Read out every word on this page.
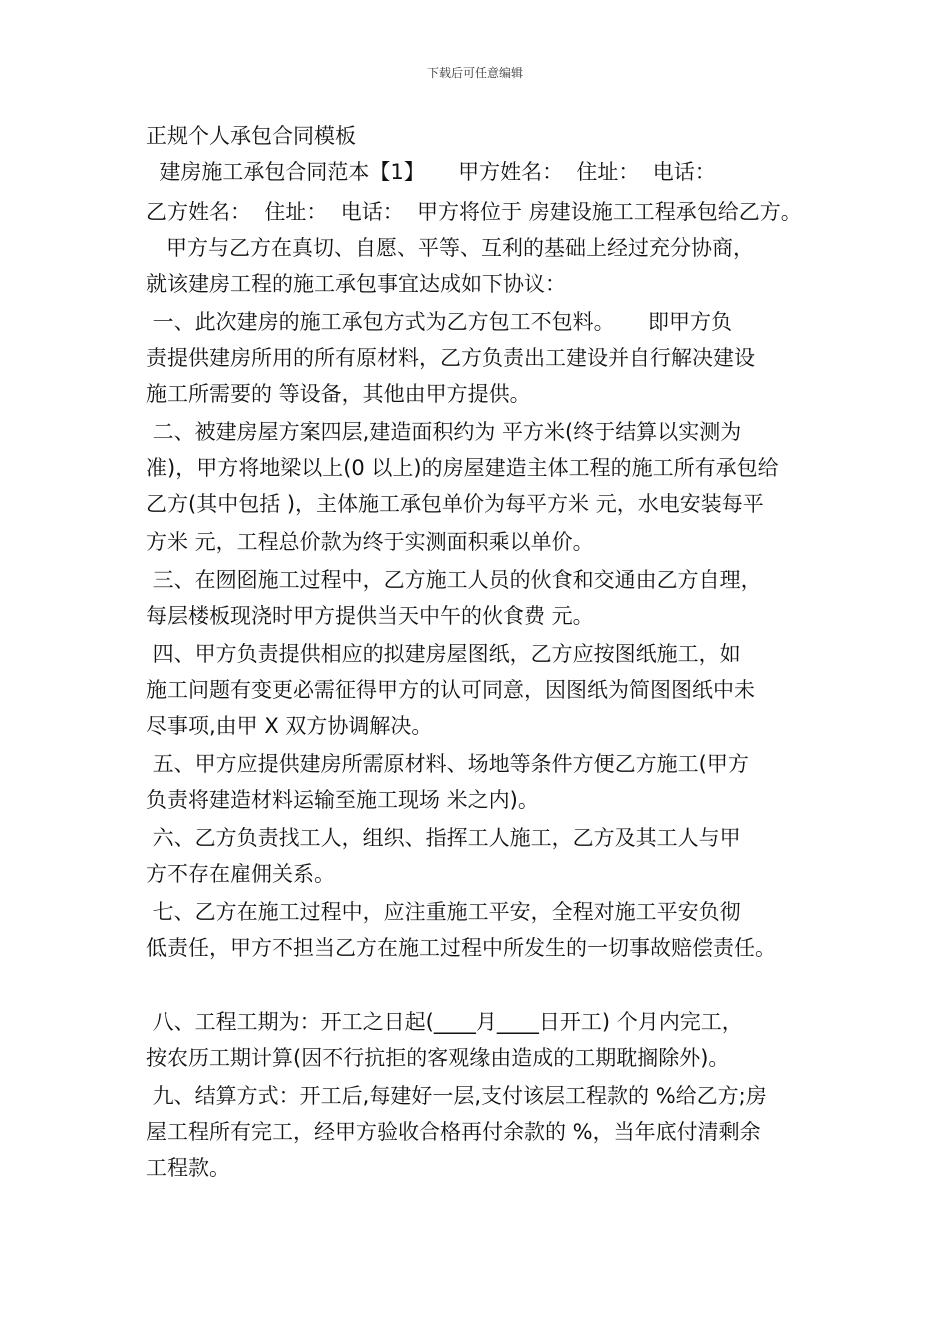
下载后可任意编辑
正规个人承包合同模板
建房施工承包合同范本【1】     甲方姓名：  住址：  电话：
乙方姓名：  住址：  电话：  甲方将位于 房建设施工工程承包给乙方。
甲方与乙方在真切、自愿、平等、互利的基础上经过充分协商，
就该建房工程的施工承包事宜达成如下协议：
一、此次建房的施工承包方式为乙方包工不包料。     即甲方负
责提供建房所用的所有原材料，乙方负责出工建设并自行解决建设
施工所需要的 等设备，其他由甲方提供。
二、被建房屋方案四层,建造面积约为 平方米(终于结算以实测为
准)，甲方将地梁以上(0 以上)的房屋建造主体工程的施工所有承包给
乙方(其中包括 )，主体施工承包单价为每平方米 元，水电安装每平
方米 元，工程总价款为终于实测面积乘以单价。
三、在囫囵施工过程中，乙方施工人员的伙食和交通由乙方自理，
每层楼板现浇时甲方提供当天中午的伙食费 元。
四、甲方负责提供相应的拟建房屋图纸，乙方应按图纸施工，如
施工问题有变更必需征得甲方的认可同意，因图纸为简图图纸中未
尽事项,由甲 X 双方协调解决。
五、甲方应提供建房所需原材料、场地等条件方便乙方施工(甲方
负责将建造材料运输至施工现场 米之内)。
六、乙方负责找工人，组织、指挥工人施工，乙方及其工人与甲
方不存在雇佣关系。
七、乙方在施工过程中，应注重施工平安，全程对施工平安负彻
低责任，甲方不担当乙方在施工过程中所发生的一切事故赔偿责任。
八、工程工期为：开工之日起(____月____日开工) 个月内完工，
按农历工期计算(因不行抗拒的客观缘由造成的工期耽搁除外)。
九、结算方式：开工后,每建好一层,支付该层工程款的 %给乙方;房
屋工程所有完工，经甲方验收合格再付余款的 %，当年底付清剩余
工程款。
